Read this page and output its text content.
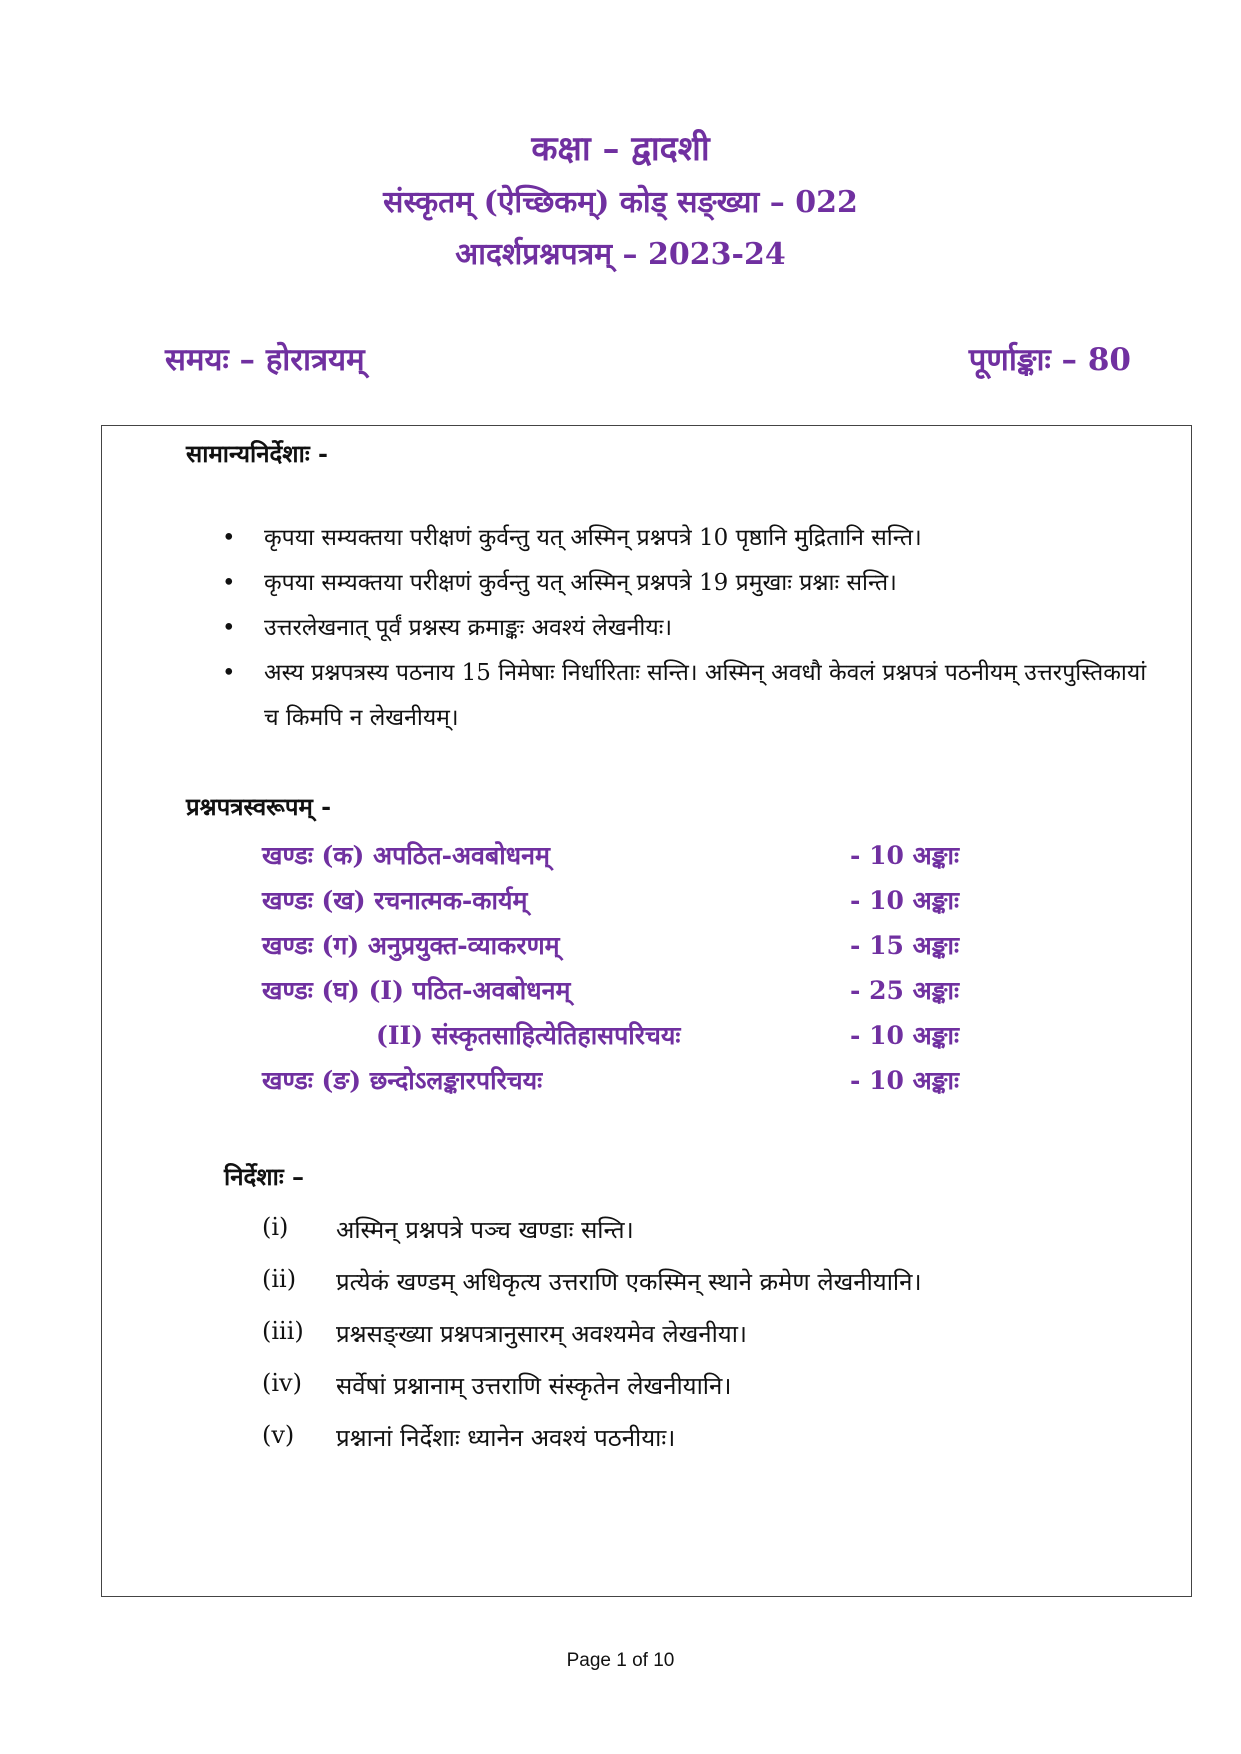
कक्षा – द्वादशी
संस्कृतम् (ऐच्छिकम्) कोड् सङ्ख्या – 022
आदर्शप्रश्नपत्रम् – 2023-24
समयः – होरात्रयम्	पूर्णाङ्काः – 80
सामान्यनिर्देशाः -
• कृपया सम्यक्तया परीक्षणं कुर्वन्तु यत् अस्मिन् प्रश्नपत्रे 10 पृष्ठानि मुद्रितानि सन्ति।
• कृपया सम्यक्तया परीक्षणं कुर्वन्तु यत् अस्मिन् प्रश्नपत्रे 19 प्रमुखाः प्रश्नाः सन्ति।
• उत्तरलेखनात् पूर्वं प्रश्नस्य क्रमाङ्कः अवश्यं लेखनीयः।
• अस्य प्रश्नपत्रस्य पठनाय 15 निमेषाः निर्धारिताः सन्ति। अस्मिन् अवधौ केवलं प्रश्नपत्रं पठनीयम् उत्तरपुस्तिकायां च किमपि न लेखनीयम्।
प्रश्नपत्रस्वरूपम् -
खण्डः (क) अपठित-अवबोधनम्	- 10 अङ्काः
खण्डः (ख) रचनात्मक-कार्यम्	- 10 अङ्काः
खण्डः (ग) अनुप्रयुक्त-व्याकरणम्	- 15 अङ्काः
खण्डः (घ) (I) पठित-अवबोधनम्	- 25 अङ्काः
(II) संस्कृतसाहित्येतिहासपरिचयः	- 10 अङ्काः
खण्डः (ङ) छन्दोऽलङ्कारपरिचयः	- 10 अङ्काः
निर्देशाः –
(i) अस्मिन् प्रश्नपत्रे पञ्च खण्डाः सन्ति।
(ii) प्रत्येकं खण्डम् अधिकृत्य उत्तराणि एकस्मिन् स्थाने क्रमेण लेखनीयानि।
(iii) प्रश्नसङ्ख्या प्रश्नपत्रानुसारम् अवश्यमेव लेखनीया।
(iv) सर्वेषां प्रश्नानाम् उत्तराणि संस्कृतेन लेखनीयानि।
(v) प्रश्नानां निर्देशाः ध्यानेन अवश्यं पठनीयाः।
Page 1 of 10
